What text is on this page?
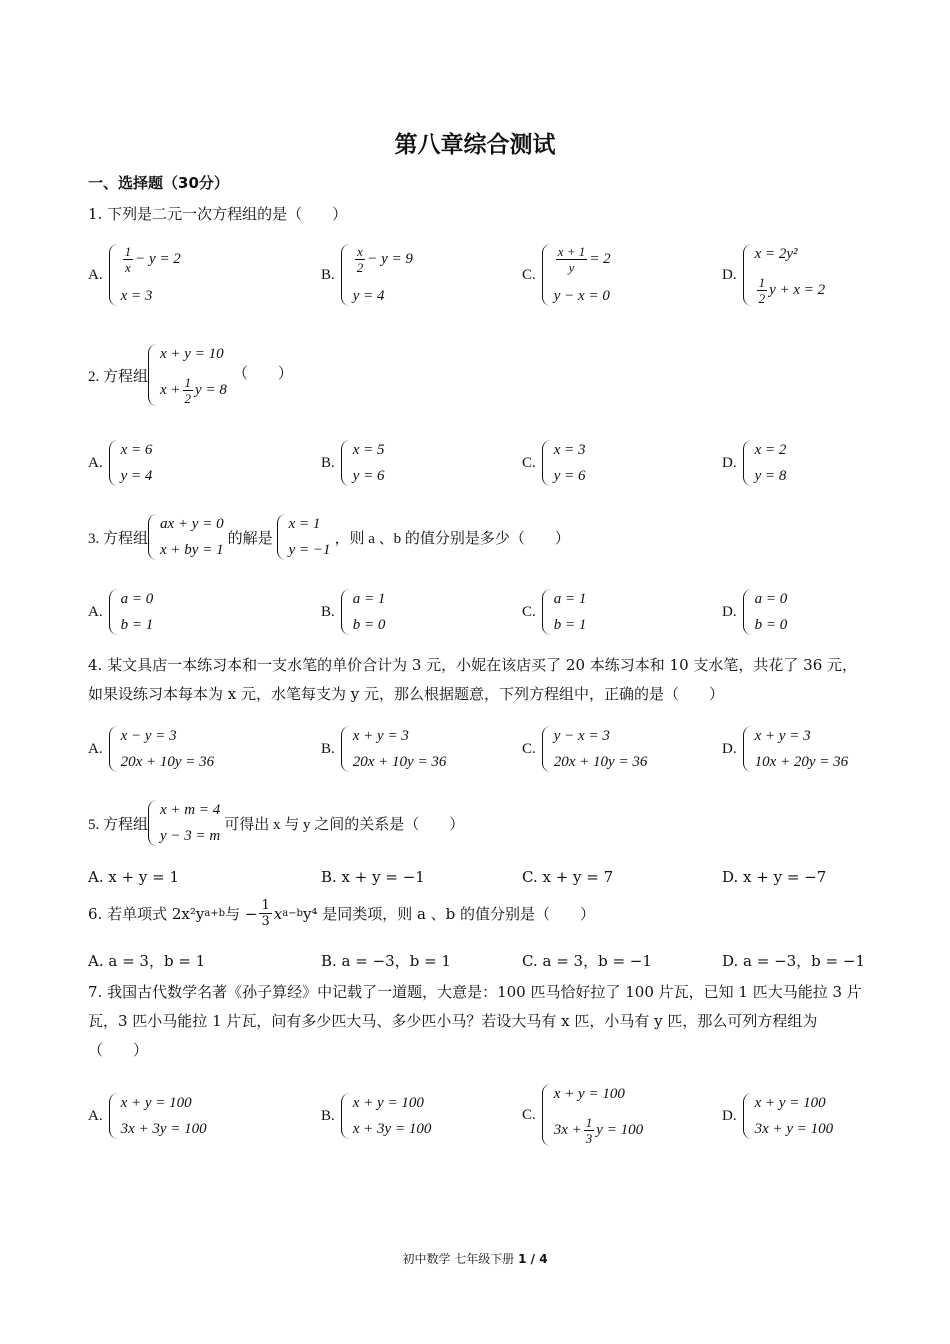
第八章综合测试
一、选择题（30分）
1. 下列是二元一次方程组的是（　　）
A. $\frac{1}{x} - y = 2$
x = 3
B. $\frac{x}{2} - y = 9$
y = 4
C. $\frac{x + 1}{y} = 2$
y − x = 0
D.
x = 2y²
$\frac{1}{2}$ y + x = 2
2. 方程组
x + y = 10
$x + \frac{1}{2}$ y = 8
（　　）
A.
x = 6
y = 4
B.
x = 5
y = 6
C.
x = 3
y = 6
D.
x = 2
y = 8
3. 方程组
ax + y = 0
x + by = 1
的解是
x = 1
y = −1
，则 a 、b 的值分别是多少（　　）
A.
a = 0
b = 1
B.
a = 1
b = 0
C.
a = 1
b = 1
D.
a = 0
b = 0
4. 某文具店一本练习本和一支水笔的单价合计为 3 元，小妮在该店买了 20 本练习本和 10 支水笔，共花了 36 元，如果设练习本每本为 x 元，水笔每支为 y 元，那么根据题意，下列方程组中，正确的是（　　）
A.
x − y = 3
20x + 10y = 36
B.
x + y = 3
20x + 10y = 36
C.
y − x = 3
20x + 10y = 36
D.
x + y = 3
10x + 20y = 36
5. 方程组
x + m = 4
y − 3 = m
可得出 x 与 y 之间的关系是（　　）
A. x + y = 1	B. x + y = −1	C. x + y = 7	D. x + y = −7
6. 若单项式 2x²y a+b 与 − $\frac{1}{3}$ x a−b y⁴ 是同类项，则 a 、b 的值分别是（　　）
A. a = 3，b = 1	B. a = −3，b = 1	C. a = 3，b = −1	D. a = −3，b = −1
7. 我国古代数学名著《孙子算经》中记载了一道题，大意是：100 匹马恰好拉了 100 片瓦，已知 1 匹大马能拉 3 片瓦，3 匹小马能拉 1 片瓦，问有多少匹大马、多少匹小马？若设大马有 x 匹，小马有 y 匹，那么可列方程组为（　　）
A.
x + y = 100
3x + 3y = 100
B.
x + y = 100
x + 3y = 100
C.
x + y = 100
$3x + \frac{1}{3}$ y = 100
D.
x + y = 100
3x + y = 100
初中数学 七年级下册 1 / 4
